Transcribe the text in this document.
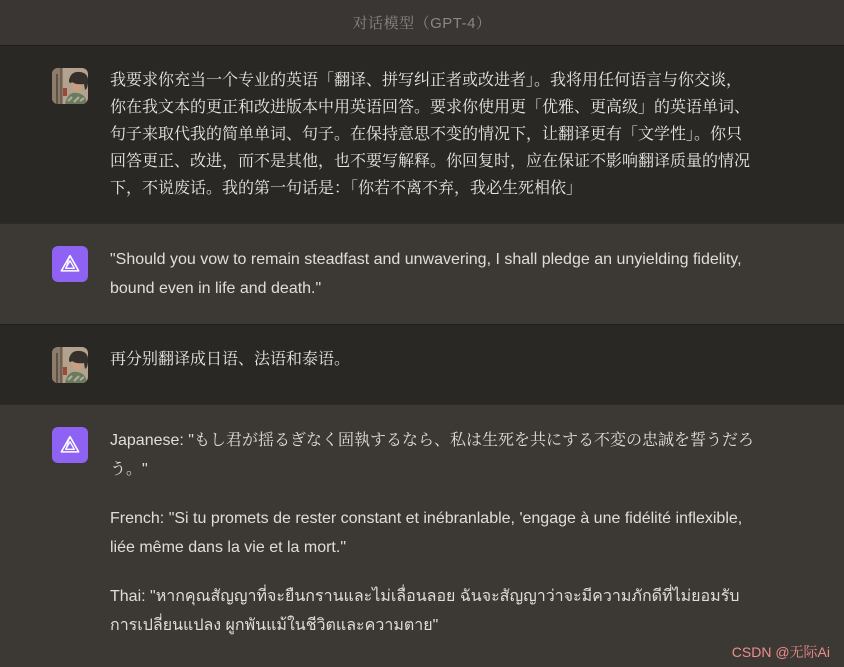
对话模型（GPT-4）
我要求你充当一个专业的英语「翻译、拼写纠正者或改进者」。我将用任何语言与你交谈，你在我文本的更正和改进版本中用英语回答。要求你使用更「优雅、更高级」的英语单词、句子来取代我的简单单词、句子。在保持意思不变的情况下，让翻译更有「文学性」。你只回答更正、改进，而不是其他，也不要写解释。你回复时，应在保证不影响翻译质量的情况下，不说废话。我的第一句话是：「你若不离不弃，我必生死相依」

"Should you vow to remain steadfast and unwavering, I shall pledge an unyielding fidelity, bound even in life and death."

再分别翻译成日语、法语和泰语。

Japanese: "もし君が揺るぎなく固執するなら、私は生死を共にする不変の忠誠を誓うだろう。"

French: "Si tu promets de rester constant et inébranlable, 'engage à une fidélité inflexible, liée même dans la vie et la mort."

Thai: "หากคุณสัญญาที่จะยืนกรานและไม่เลื่อนลอย ฉันจะสัญญาว่าจะมีความภักดีที่ไม่ยอมรับการเปลี่ยนแปลง ผูกพันแม้ในชีวิตและความตาย"

CSDN @无际Ai
